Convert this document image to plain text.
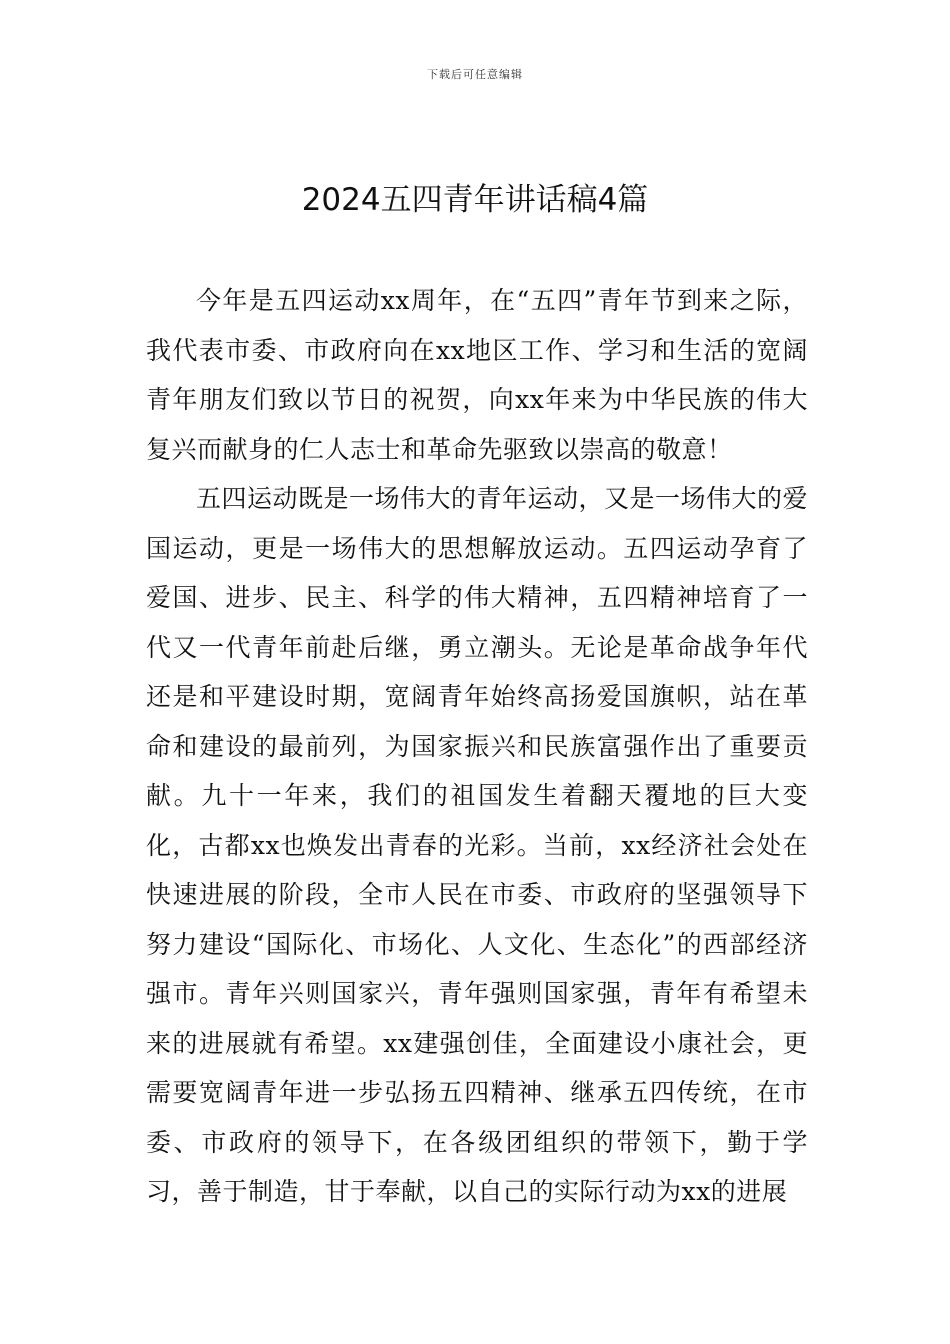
下载后可任意编辑
2024五四青年讲话稿4篇

今年是五四运动xx周年，在“五四”青年节到来之际，我代表市委、市政府向在xx地区工作、学习和生活的宽阔青年朋友们致以节日的祝贺，向xx年来为中华民族的伟大复兴而献身的仁人志士和革命先驱致以崇高的敬意！

五四运动既是一场伟大的青年运动，又是一场伟大的爱国运动，更是一场伟大的思想解放运动。五四运动孕育了爱国、进步、民主、科学的伟大精神，五四精神培育了一代又一代青年前赴后继，勇立潮头。无论是革命战争年代还是和平建设时期，宽阔青年始终高扬爱国旗帜，站在革命和建设的最前列，为国家振兴和民族富强作出了重要贡献。九十一年来，我们的祖国发生着翻天覆地的巨大变化，古都xx也焕发出青春的光彩。当前，xx经济社会处在快速进展的阶段，全市人民在市委、市政府的坚强领导下努力建设“国际化、市场化、人文化、生态化”的西部经济强市。青年兴则国家兴，青年强则国家强，青年有希望未来的进展就有希望。xx建强创佳，全面建设小康社会，更需要宽阔青年进一步弘扬五四精神、继承五四传统，在市委、市政府的领导下，在各级团组织的带领下，勤于学习，善于制造，甘于奉献，以自己的实际行动为xx的进展
